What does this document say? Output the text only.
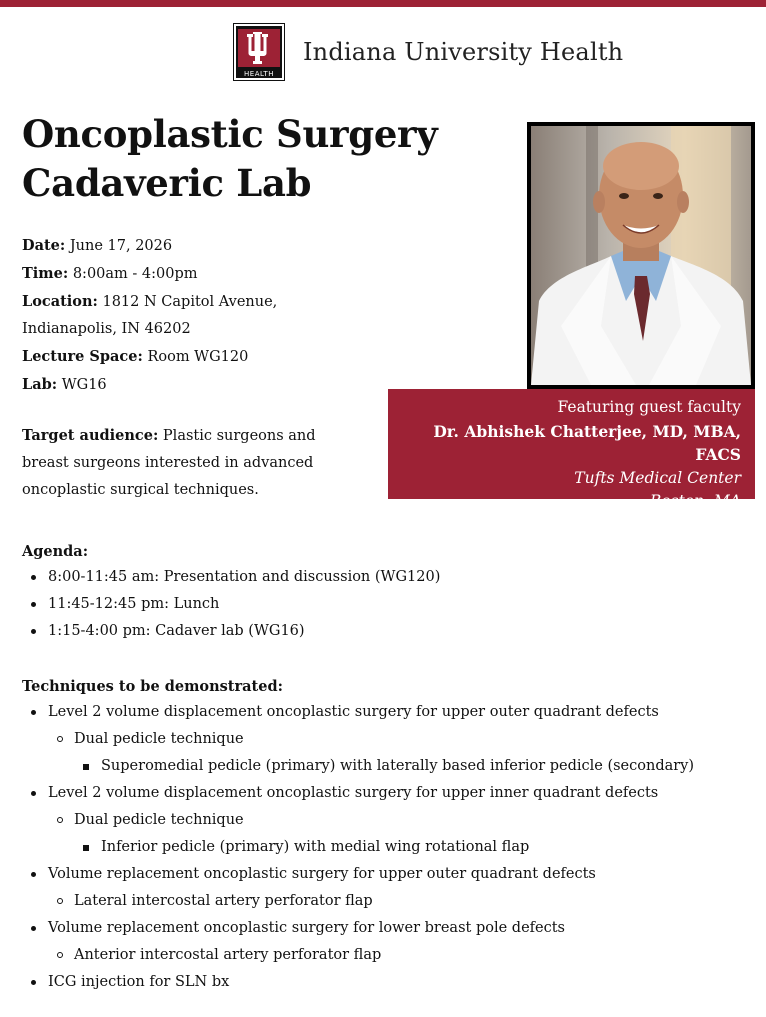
HEALTH
Indiana University Health
Oncoplastic Surgery
Cadaveric Lab
Date: June 17, 2026
Time: 8:00am - 4:00pm
Location: 1812 N Capitol Avenue,
Indianapolis, IN 46202
Lecture Space: Room WG120
Lab: WG16
Target audience: Plastic surgeons and breast surgeons interested in advanced oncoplastic surgical techniques.
Featuring guest faculty
Dr. Abhishek Chatterjee, MD, MBA, FACS
Tufts Medical Center
Boston, MA
Agenda:
8:00-11:45 am: Presentation and discussion (WG120)
11:45-12:45 pm: Lunch
1:15-4:00 pm: Cadaver lab (WG16)
Techniques to be demonstrated:
Level 2 volume displacement oncoplastic surgery for upper outer quadrant defects
Dual pedicle technique
Superomedial pedicle (primary) with laterally based inferior pedicle (secondary)
Level 2 volume displacement oncoplastic surgery for upper inner quadrant defects
Dual pedicle technique
Inferior pedicle (primary) with medial wing rotational flap
Volume replacement oncoplastic surgery for upper outer quadrant defects
Lateral intercostal artery perforator flap
Volume replacement oncoplastic surgery for lower breast pole defects
Anterior intercostal artery perforator flap
ICG injection for SLN bx
